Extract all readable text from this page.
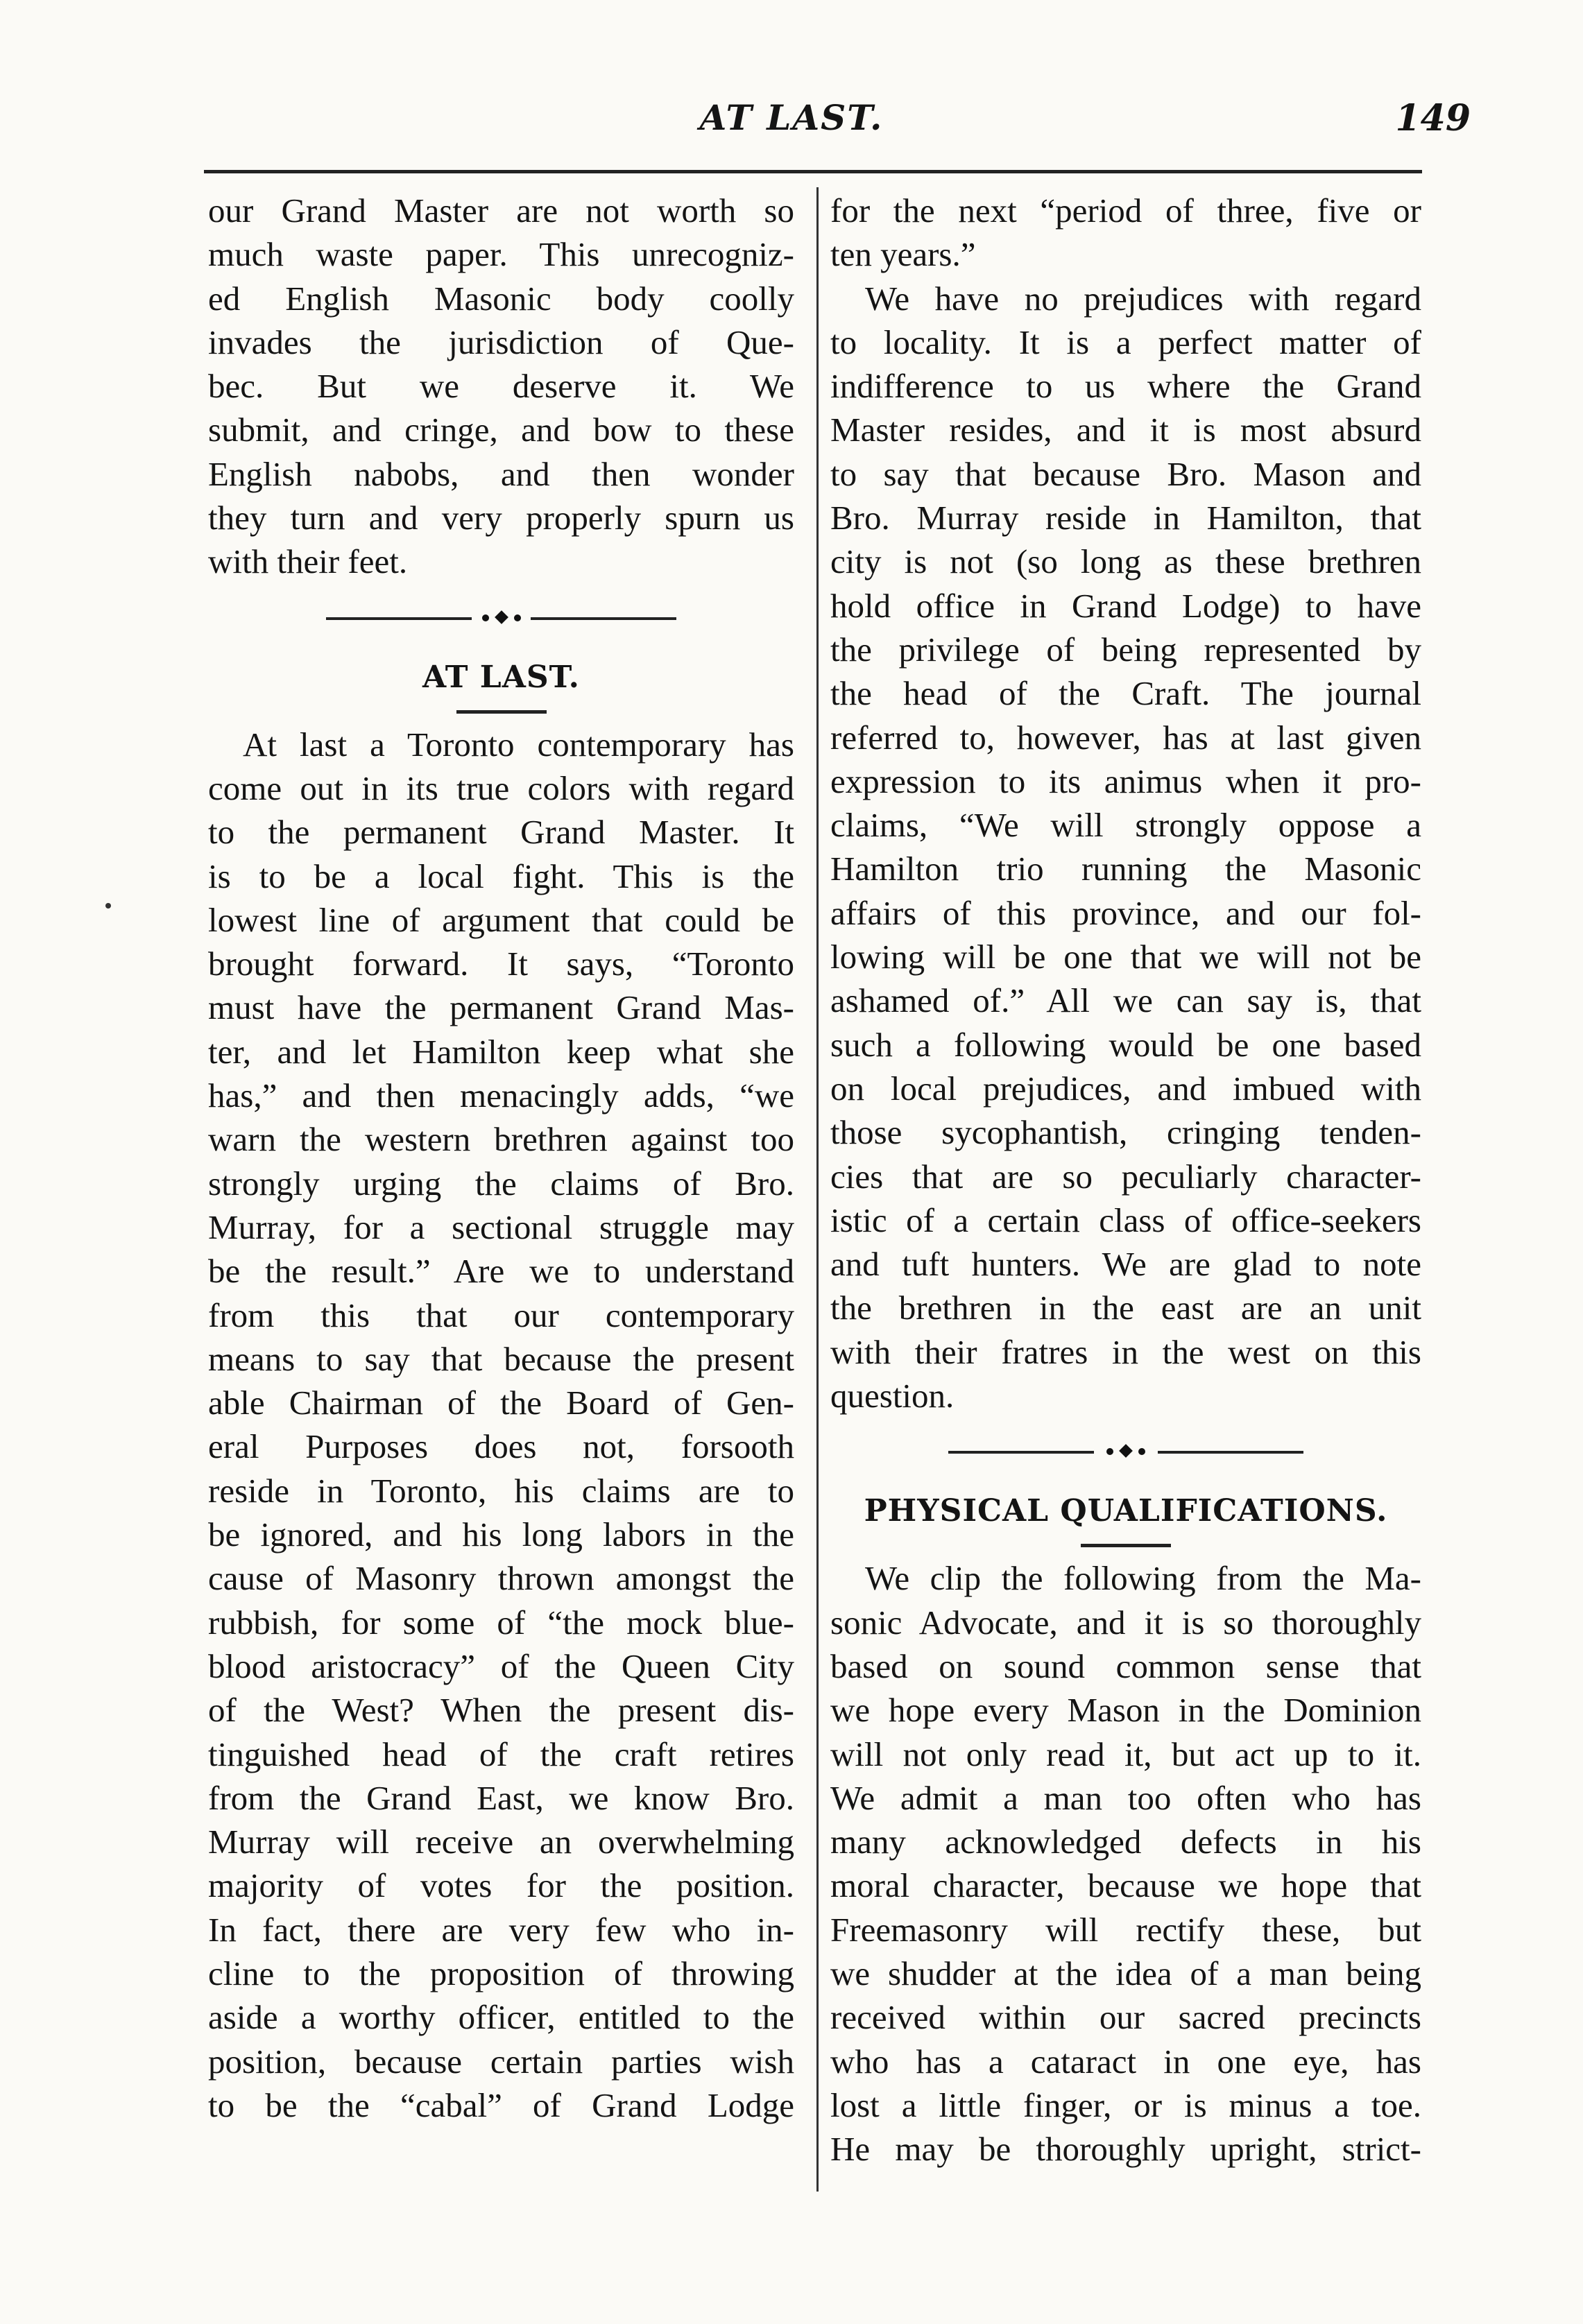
AT LAST.	149
our Grand Master are not worth so
much waste paper. This unrecogniz-
ed English Masonic body coolly
invades the jurisdiction of Que-
bec. But we deserve it. We
submit, and cringe, and bow to these
English nabobs, and then wonder
they turn and very properly spurn us
with their feet.
AT LAST.
At last a Toronto contemporary has
come out in its true colors with regard
to the permanent Grand Master. It
is to be a local fight. This is the
lowest line of argument that could be
brought forward. It says, “Toronto
must have the permanent Grand Mas-
ter, and let Hamilton keep what she
has,” and then menacingly adds, “we
warn the western brethren against too
strongly urging the claims of Bro.
Murray, for a sectional struggle may
be the result.” Are we to understand
from this that our contemporary
means to say that because the present
able Chairman of the Board of Gen-
eral Purposes does not, forsooth
reside in Toronto, his claims are to
be ignored, and his long labors in the
cause of Masonry thrown amongst the
rubbish, for some of “the mock blue-
blood aristocracy” of the Queen City
of the West? When the present dis-
tinguished head of the craft retires
from the Grand East, we know Bro.
Murray will receive an overwhelming
majority of votes for the position.
In fact, there are very few who in-
cline to the proposition of throwing
aside a worthy officer, entitled to the
position, because certain parties wish
to be the “cabal” of Grand Lodge
for the next “period of three, five or
ten years.”
We have no prejudices with regard
to locality. It is a perfect matter of
indifference to us where the Grand
Master resides, and it is most absurd
to say that because Bro. Mason and
Bro. Murray reside in Hamilton, that
city is not (so long as these brethren
hold office in Grand Lodge) to have
the privilege of being represented by
the head of the Craft. The journal
referred to, however, has at last given
expression to its animus when it pro-
claims, “We will strongly oppose a
Hamilton trio running the Masonic
affairs of this province, and our fol-
lowing will be one that we will not be
ashamed of.” All we can say is, that
such a following would be one based
on local prejudices, and imbued with
those sycophantish, cringing tenden-
cies that are so peculiarly character-
istic of a certain class of office-seekers
and tuft hunters. We are glad to note
the brethren in the east are an unit
with their fratres in the west on this
question.
PHYSICAL QUALIFICATIONS.
We clip the following from the Ma-
sonic Advocate, and it is so thoroughly
based on sound common sense that
we hope every Mason in the Dominion
will not only read it, but act up to it.
We admit a man too often who has
many acknowledged defects in his
moral character, because we hope that
Freemasonry will rectify these, but
we shudder at the idea of a man being
received within our sacred precincts
who has a cataract in one eye, has
lost a little finger, or is minus a toe.
He may be thoroughly upright, strict-
